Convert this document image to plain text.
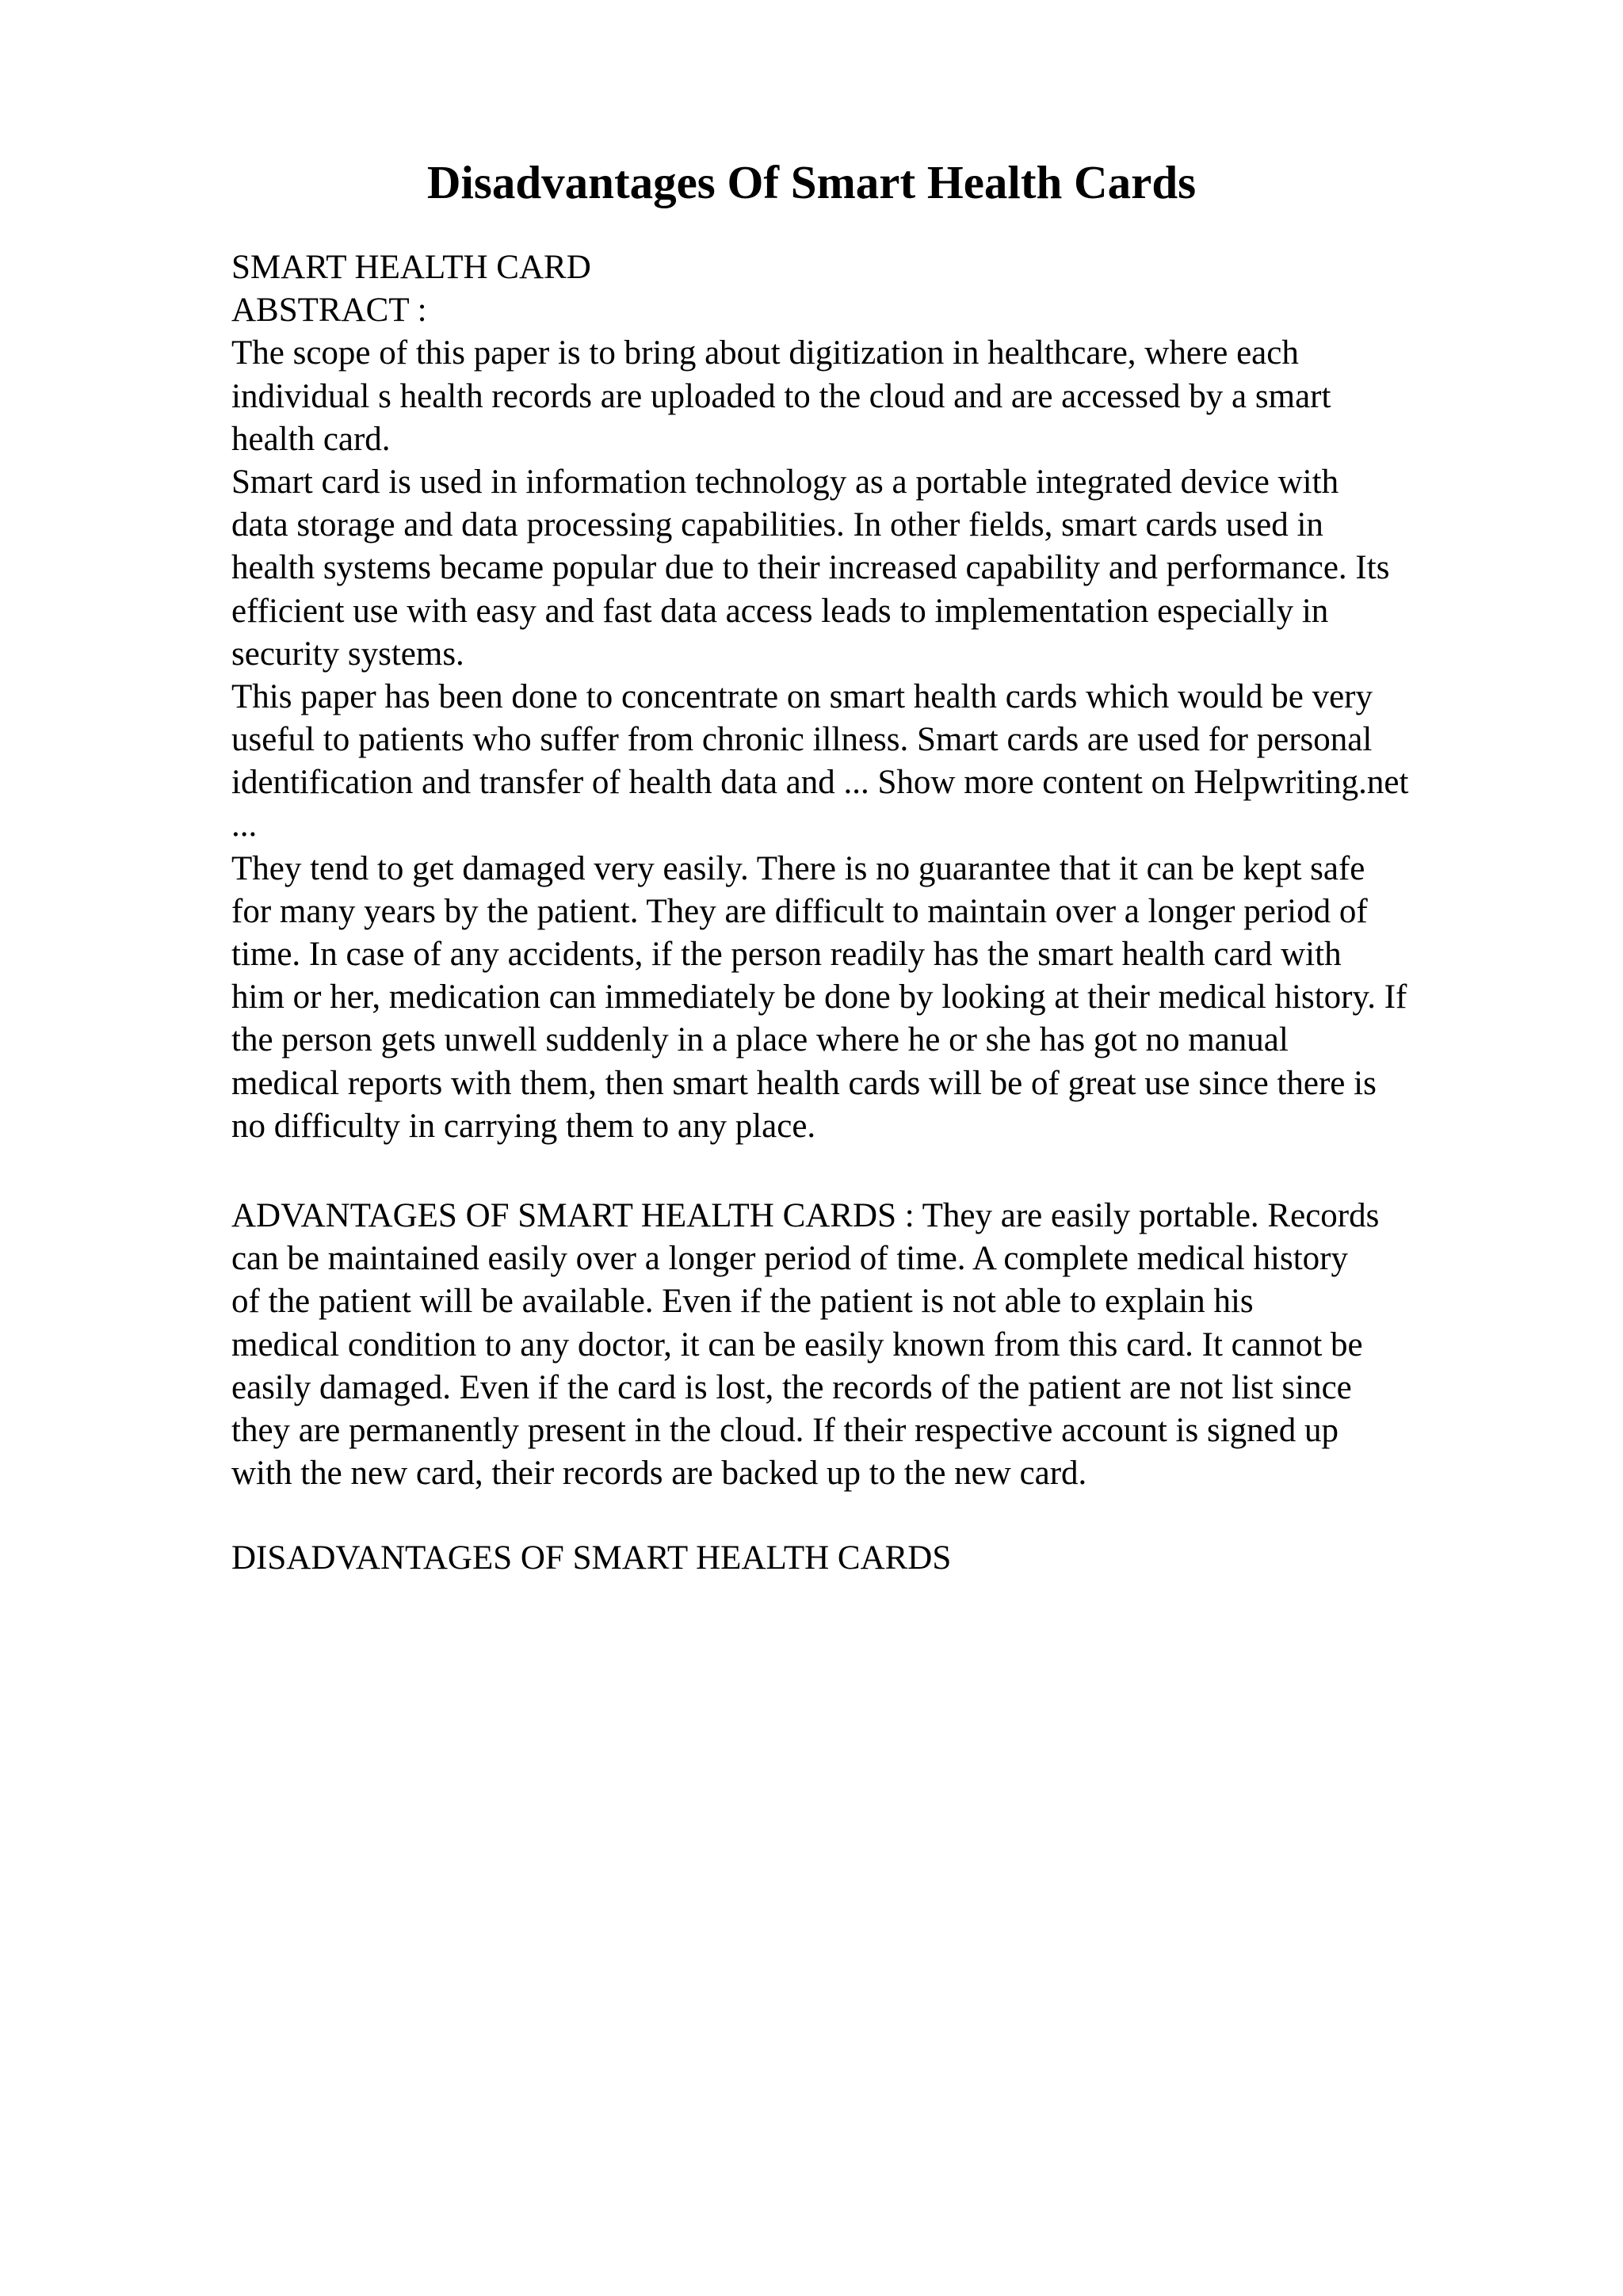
Disadvantages Of Smart Health Cards
SMART HEALTH CARD
ABSTRACT :
The scope of this paper is to bring about digitization in healthcare, where each
individual s health records are uploaded to the cloud and are accessed by a smart
health card.
Smart card is used in information technology as a portable integrated device with
data storage and data processing capabilities. In other fields, smart cards used in
health systems became popular due to their increased capability and performance. Its
efficient use with easy and fast data access leads to implementation especially in
security systems.
This paper has been done to concentrate on smart health cards which would be very
useful to patients who suffer from chronic illness. Smart cards are used for personal
identification and transfer of health data and ... Show more content on Helpwriting.net
...
They tend to get damaged very easily. There is no guarantee that it can be kept safe
for many years by the patient. They are difficult to maintain over a longer period of
time. In case of any accidents, if the person readily has the smart health card with
him or her, medication can immediately be done by looking at their medical history. If
the person gets unwell suddenly in a place where he or she has got no manual
medical reports with them, then smart health cards will be of great use since there is
no difficulty in carrying them to any place.
ADVANTAGES OF SMART HEALTH CARDS : They are easily portable. Records
can be maintained easily over a longer period of time. A complete medical history
of the patient will be available. Even if the patient is not able to explain his
medical condition to any doctor, it can be easily known from this card. It cannot be
easily damaged. Even if the card is lost, the records of the patient are not list since
they are permanently present in the cloud. If their respective account is signed up
with the new card, their records are backed up to the new card.
DISADVANTAGES OF SMART HEALTH CARDS
